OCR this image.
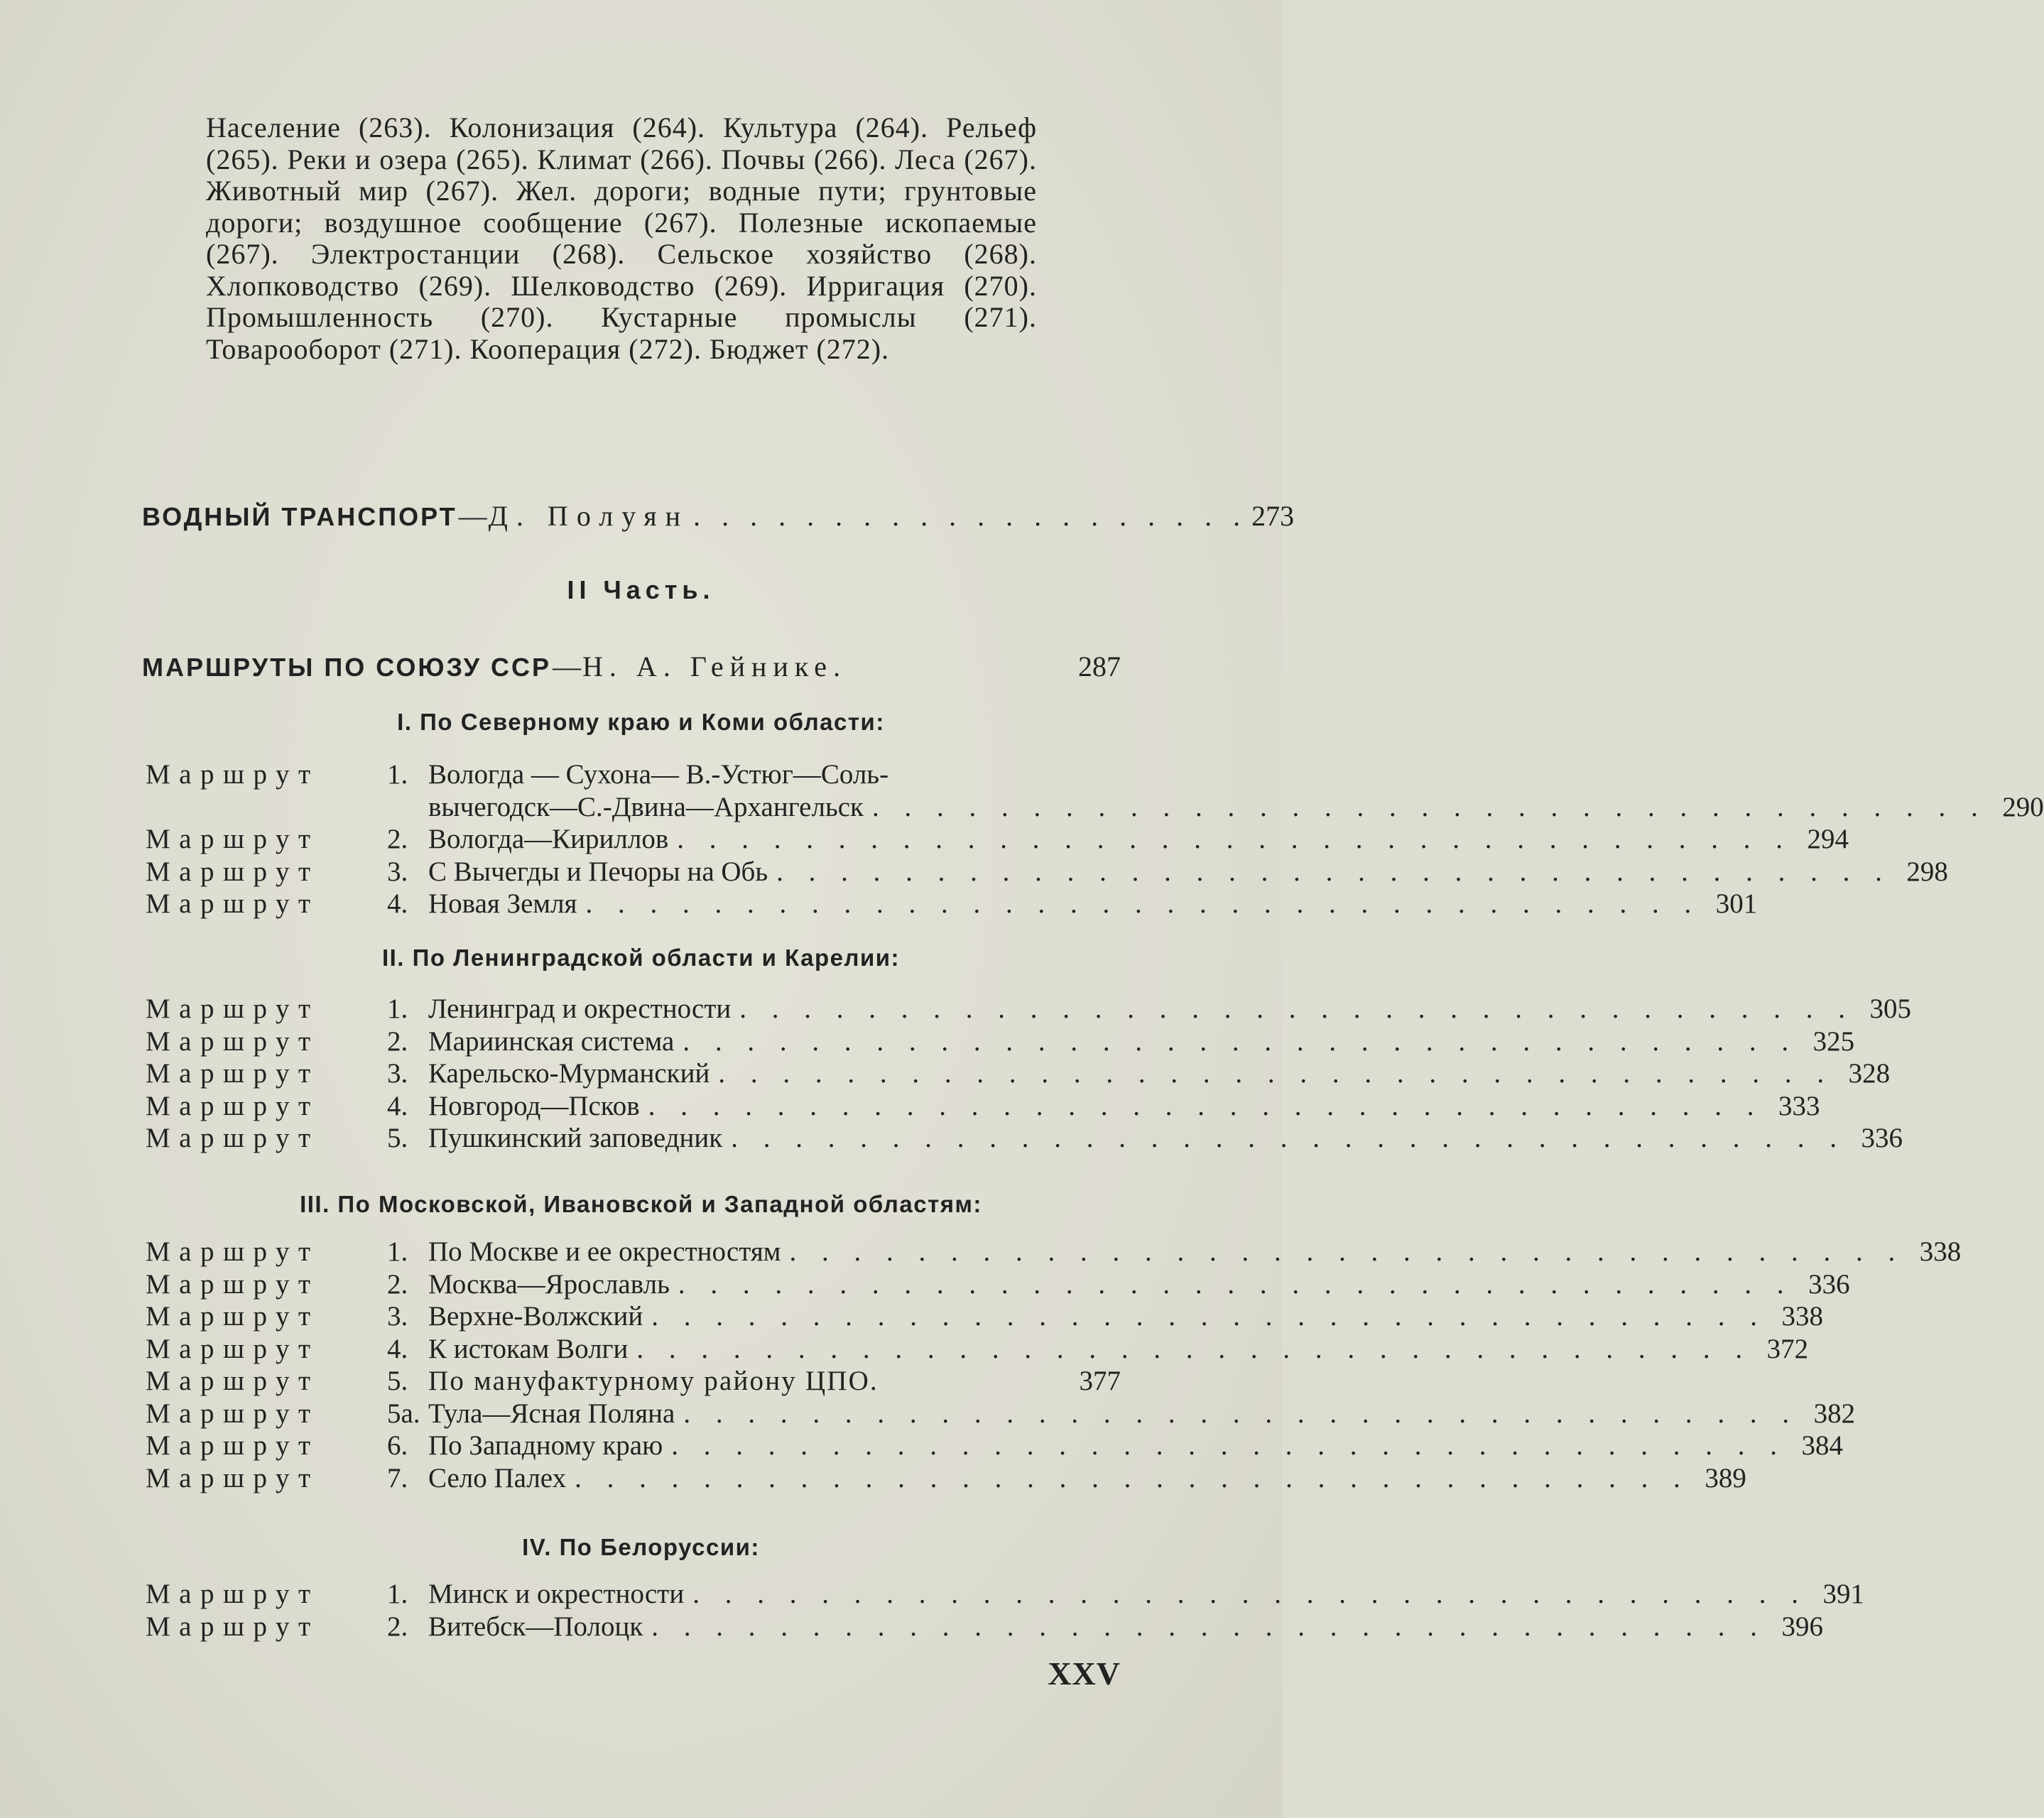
Население (263). Колонизация (264). Культура (264). Рельеф (265). Реки и озера (265). Климат (266). Почвы (266). Леса (267). Животный мир (267). Жел. дороги; водные пути; грунтовые дороги; воздушное сообщение (267). Полезные ископаемые (267). Электростанции (268). Сельское хозяйство (268). Хлопководство (269). Шелководство (269). Ирригация (270). Промышленность (270). Кустарные промыслы (271). Товарооборот (271). Кооперация (272). Бюджет (272).
ВОДНЫЙ ТРАНСПОРТ — Д. Полуян . . . . . . . . . . . . . . . . . . . . 273
II Часть.
МАРШРУТЫ ПО СОЮЗУ ССР — Н. А. Гейнике.	287
I. По Северному краю и Коми области:
Маршрут	1. Вологда — Сухона— В.-Устюг—Соль-
вычегодск—С.-Двина—Архангельск . . . . . . . . . . . . . . . . . . . . . . . . . . . . . . . . . . . 290
Маршрут	2. Вологда—Кириллов . . . . . . . . . . . . . . . . . . . . . . . . . . . . . . . . . . . 294
Маршрут	3. С Вычегды и Печоры на Обь . . . . . . . . . . . . . . . . . . . . . . . . . . . . . . . . . . . 298
Маршрут	4. Новая Земля . . . . . . . . . . . . . . . . . . . . . . . . . . . . . . . . . . . 301
II. По Ленинградской области и Карелии:
Маршрут	1. Ленинград и окрестности . . . . . . . . . . . . . . . . . . . . . . . . . . . . . . . . . . . 305
Маршрут	2. Мариинская система . . . . . . . . . . . . . . . . . . . . . . . . . . . . . . . . . . . 325
Маршрут	3. Карельско-Мурманский . . . . . . . . . . . . . . . . . . . . . . . . . . . . . . . . . . . 328
Маршрут	4. Новгород—Псков . . . . . . . . . . . . . . . . . . . . . . . . . . . . . . . . . . . 333
Маршрут	5. Пушкинский заповедник . . . . . . . . . . . . . . . . . . . . . . . . . . . . . . . . . . . 336
III. По Московской, Ивановской и Западной областям:
Маршрут	1. По Москве и ее окрестностям . . . . . . . . . . . . . . . . . . . . . . . . . . . . . . . . . . . 338
Маршрут	2. Москва—Ярославль . . . . . . . . . . . . . . . . . . . . . . . . . . . . . . . . . . . 336
Маршрут	3. Верхне-Волжский . . . . . . . . . . . . . . . . . . . . . . . . . . . . . . . . . . . 338
Маршрут	4. К истокам Волги . . . . . . . . . . . . . . . . . . . . . . . . . . . . . . . . . . . 372
Маршрут	5. По мануфактурному району ЦПО.	377
Маршрут	5а. Тула—Ясная Поляна . . . . . . . . . . . . . . . . . . . . . . . . . . . . . . . . . . . 382
Маршрут	6. По Западному краю . . . . . . . . . . . . . . . . . . . . . . . . . . . . . . . . . . . 384
Маршрут	7. Село Палех . . . . . . . . . . . . . . . . . . . . . . . . . . . . . . . . . . . 389
IV. По Белоруссии:
Маршрут	1. Минск и окрестности . . . . . . . . . . . . . . . . . . . . . . . . . . . . . . . . . . . 391
Маршрут	2. Витебск—Полоцк . . . . . . . . . . . . . . . . . . . . . . . . . . . . . . . . . . . 396
XXV
